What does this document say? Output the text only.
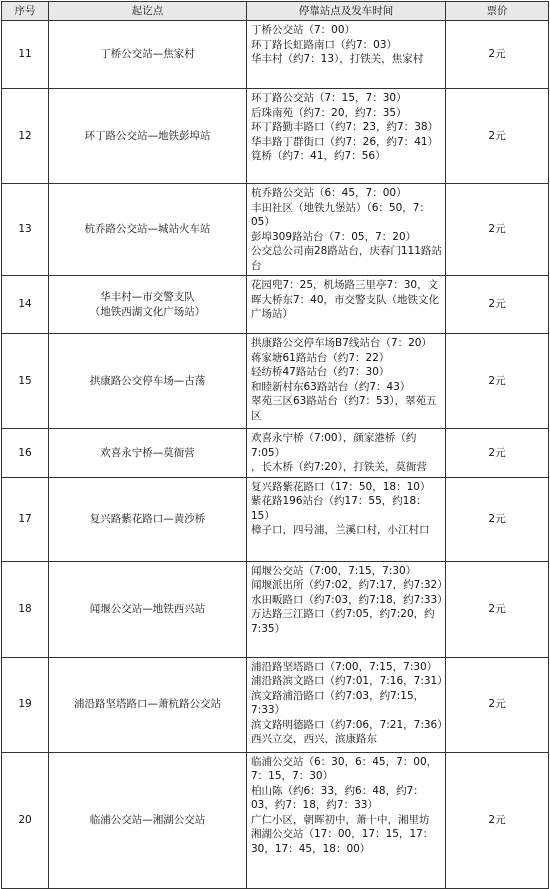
序号	起讫点	停靠站点及发车时间	票价
11	丁桥公交站—焦家村	丁桥公交站（7：00）
环丁路长虹路南口（约7：03）
华丰村（约7：13），打铁关，焦家村	2元
12	环丁路公交站—地铁彭埠站	环丁路公交站（7：15，7：30）
后珠南苑（约7：20，约7：35）
环丁路勤丰路口（约7：23，约7：38）
华丰路丁群街口（约7：26，约7：41）
筧桥（约7：41，约7：56）	2元
13	杭乔路公交站—城站火车站	杭乔路公交站（6：45，7：00）
丰田社区（地铁九堡站）（6：50，7：05）
彭埠309路站台（7：05，7：20）
公交总公司南28路站台，庆春门111路站台	2元
14	华丰村—市交警支队
（地铁西湖文化广场站）	花园兜7：25，机场路三里亭7：30，文晖大桥东7：40，市交警支队（地铁文化广场站）	2元
15	拱康路公交停车场—古荡	拱康路公交停车场B7线站台（7：20）
蒋家塘61路站台（约7：22）
轻纺桥47路站台（约7：30）
和睦新村东63路站台（约7：43）
翠苑三区63路站台（约7：53），翠苑五区	2元
16	欢喜永宁桥—莫衙营	欢喜永宁桥（7:00），颜家港桥（约7:05）
，长木桥（约7:20），打铁关，莫衙营	2元
17	复兴路紫花路口—黄沙桥	复兴路紫花路口（17：50，18：10）
紫花路196站台（约17：55，约18：15）
樟子口，四号浦，兰溪口村，小江村口	2元
18	闻堰公交站—地铁西兴站	闻堰公交站（7:00，7:15，7:30）
闻堰派出所（约7:02，约7:17，约7:32）
水田畈路口（约7:03，约7:18，约7:33）
万达路三江路口（约7:05，约7:20，约7:35）	2元
19	浦沿路坚塔路口—萧杭路公交站	浦沿路坚塔路口（7:00，7:15，7:30）
浦沿路滨文路口（约7:01，7:16，7:31）
滨文路浦沿路口（约7:03，约7:15，7:33）
滨文路明德路口（约7:06，7:21，7:36）
西兴立交，西兴，滨康路东	2元
20	临浦公交站—湘湖公交站	临浦公交站（6：30，6：45，7：00，7：15，7：30）
柏山陈（约6：33，约6：48，约7：03，约7：18，约7：33）
广仁小区，朝晖初中，萧十中，湘里坊
湘湖公交站（17：00，17：15，17：30，17：45，18：00）	2元
